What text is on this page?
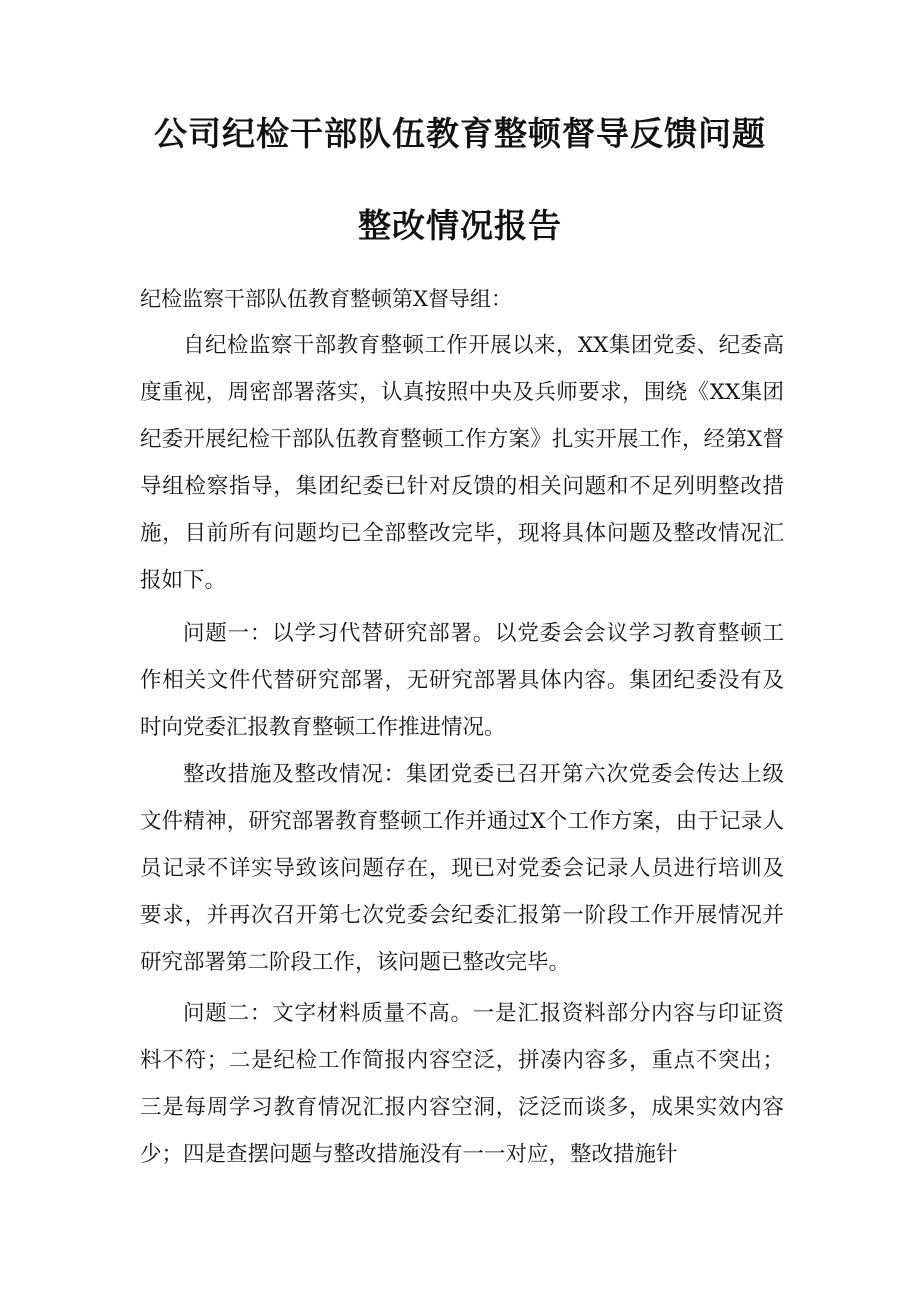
公司纪检干部队伍教育整顿督导反馈问题
整改情况报告
纪检监察干部队伍教育整顿第X督导组：
自纪检监察干部教育整顿工作开展以来，XX集团党委、纪委高度重视，周密部署落实，认真按照中央及兵师要求，围绕《XX集团纪委开展纪检干部队伍教育整顿工作方案》扎实开展工作，经第X督导组检察指导，集团纪委已针对反馈的相关问题和不足列明整改措施，目前所有问题均已全部整改完毕，现将具体问题及整改情况汇报如下。
问题一：以学习代替研究部署。以党委会会议学习教育整顿工作相关文件代替研究部署，无研究部署具体内容。集团纪委没有及时向党委汇报教育整顿工作推进情况。
整改措施及整改情况：集团党委已召开第六次党委会传达上级文件精神，研究部署教育整顿工作并通过X个工作方案，由于记录人员记录不详实导致该问题存在，现已对党委会记录人员进行培训及要求，并再次召开第七次党委会纪委汇报第一阶段工作开展情况并研究部署第二阶段工作，该问题已整改完毕。
问题二：文字材料质量不高。一是汇报资料部分内容与印证资料不符；二是纪检工作简报内容空泛，拼凑内容多，重点不突出；三是每周学习教育情况汇报内容空洞，泛泛而谈多，成果实效内容少；四是查摆问题与整改措施没有一一对应，整改措施针
